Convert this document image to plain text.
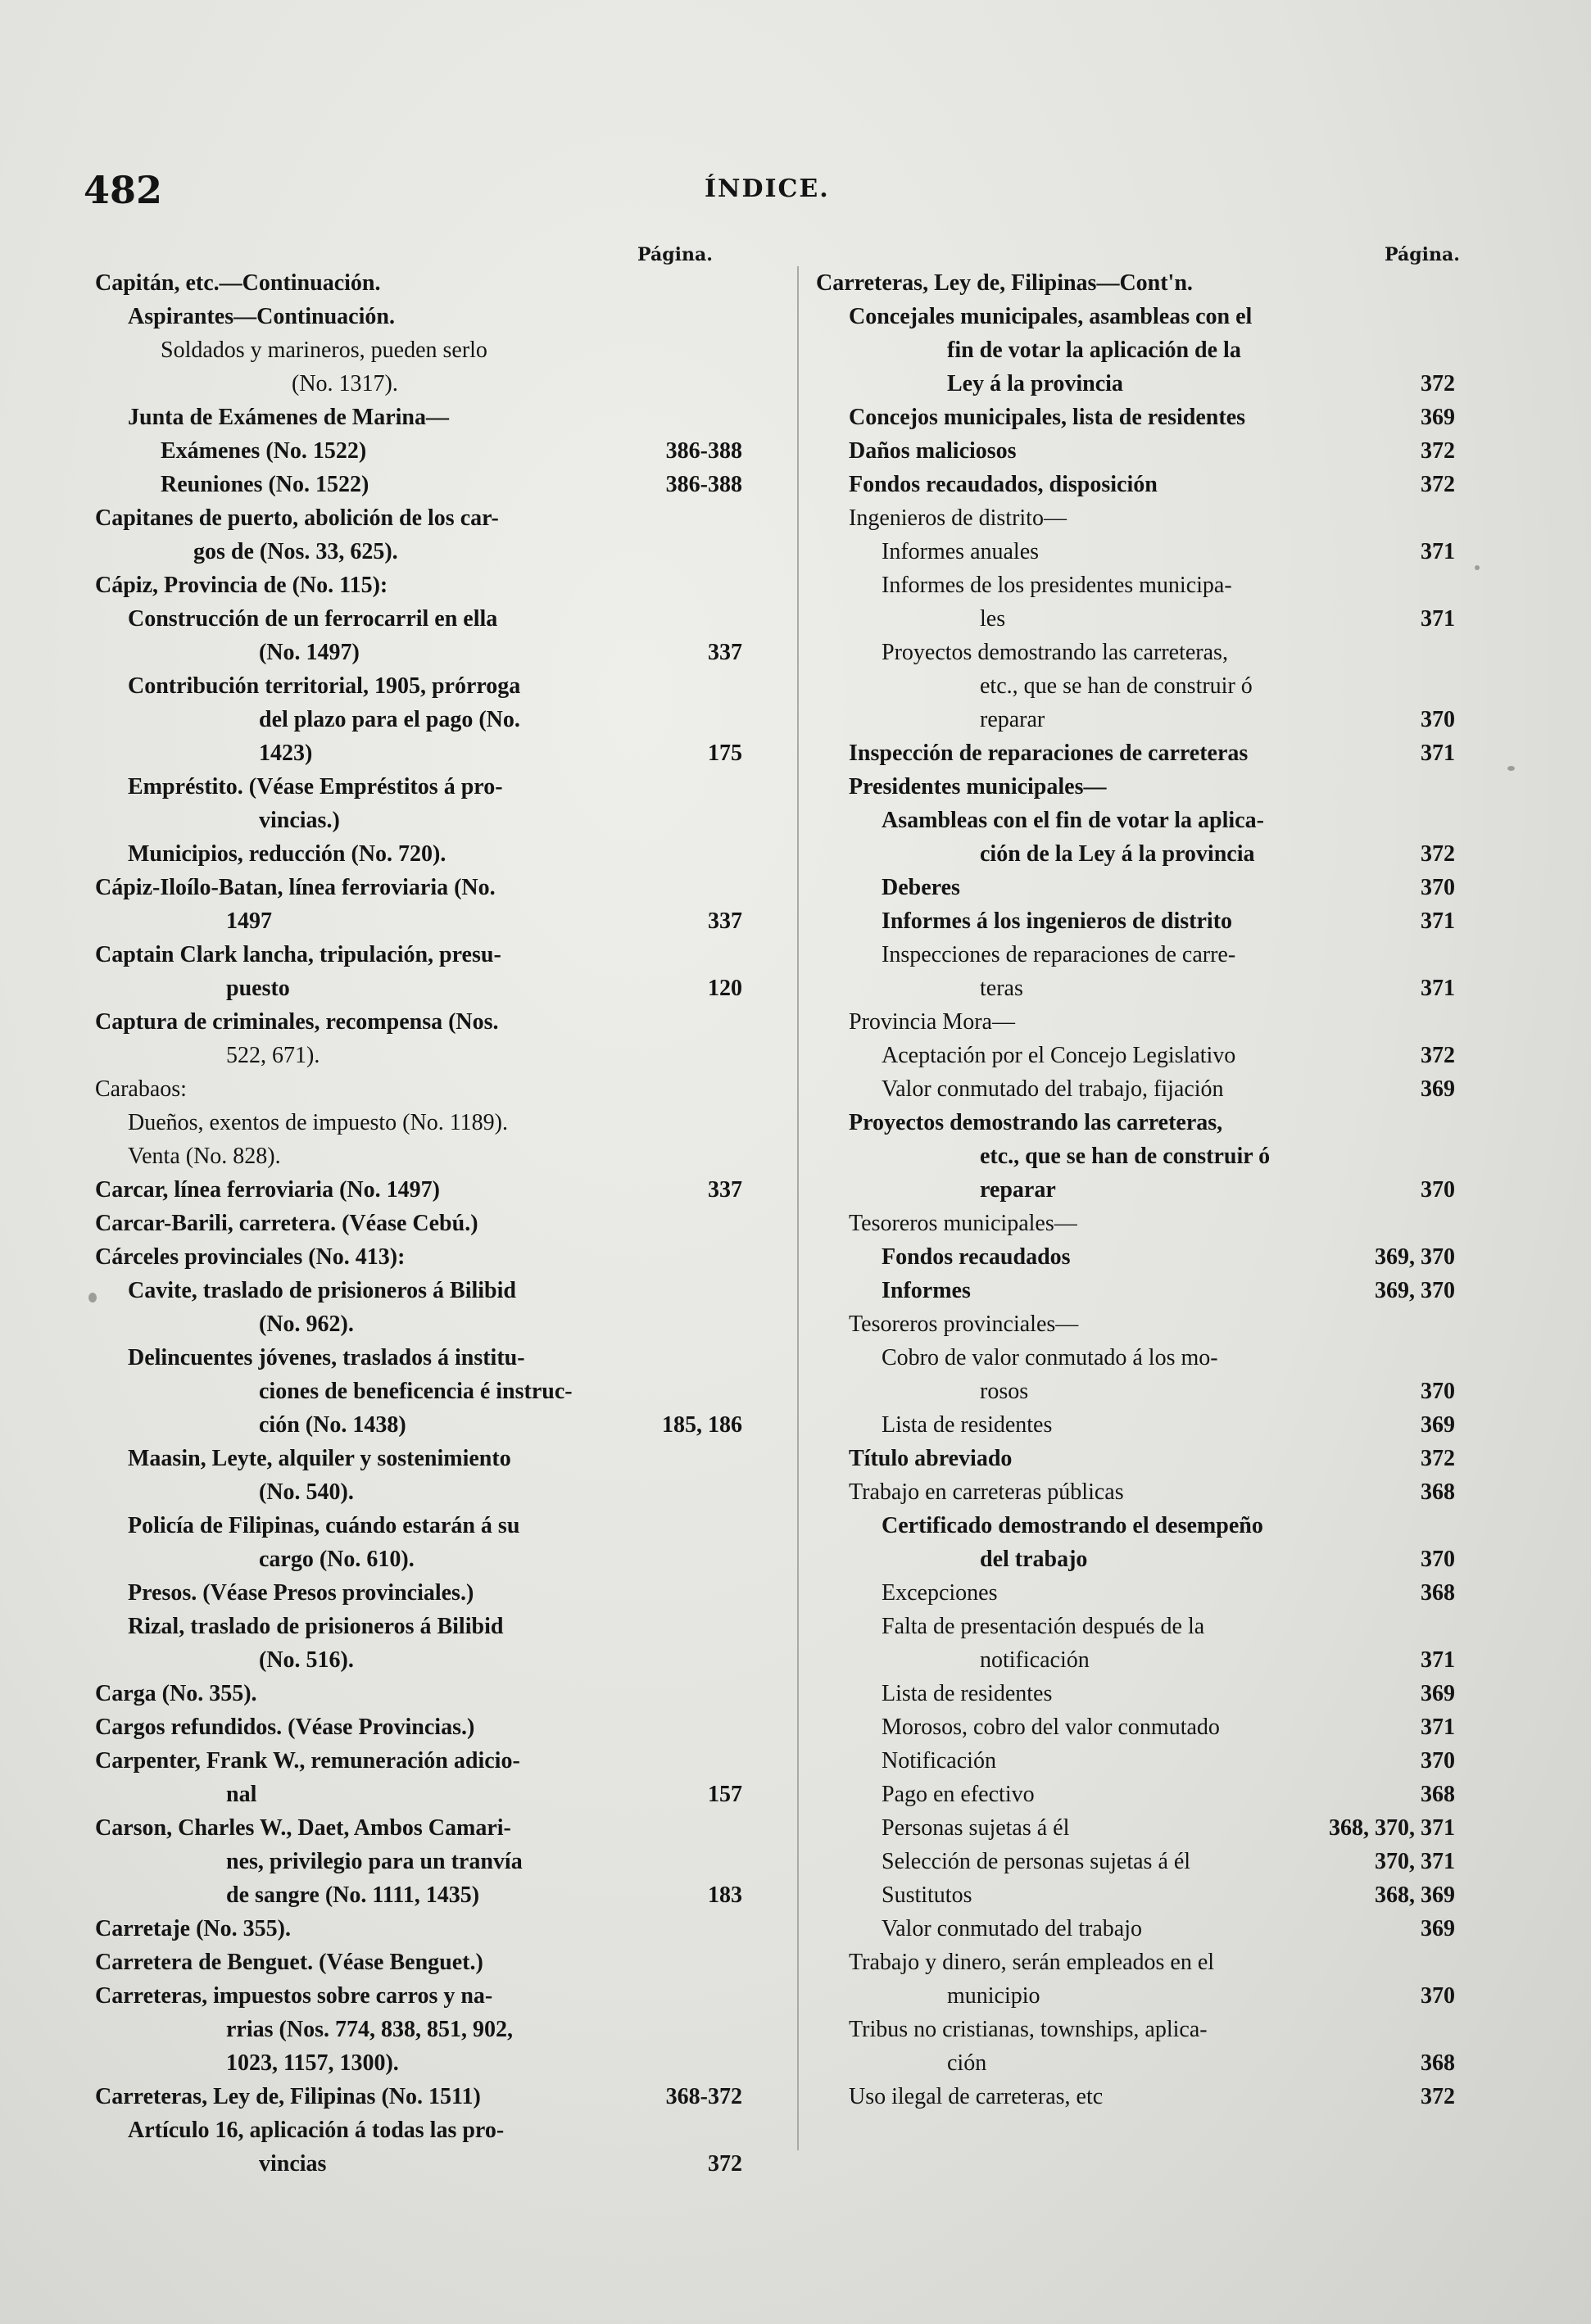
482	ÍNDICE.
Página.	Página.
Capitán, etc.—Continuación.
Aspirantes—Continuación.
Soldados y marineros, pueden serlo
(No. 1317).
Junta de Exámenes de Marina—
386-388
Exámenes (No. 1522)
386-388
Reuniones (No. 1522)
Capitanes de puerto, abolición de los car-
gos de (Nos. 33, 625).
Cápiz, Provincia de (No. 115):
Construcción de un ferrocarril en ella
337
(No. 1497)
Contribución territorial, 1905, prórroga
del plazo para el pago (No.
175
1423)
Empréstito. (Véase Empréstitos á pro-
vincias.)
Municipios, reducción (No. 720).
Cápiz-Iloílo-Batan, línea ferroviaria (No.
337
1497
Captain Clark lancha, tripulación, presu-
120
puesto
Captura de criminales, recompensa (Nos.
522, 671).
Carabaos:
Dueños, exentos de impuesto (No. 1189).
Venta (No. 828).
337
Carcar, línea ferroviaria (No. 1497)
Carcar-Barili, carretera. (Véase Cebú.)
Cárceles provinciales (No. 413):
Cavite, traslado de prisioneros á Bilibid
(No. 962).
Delincuentes jóvenes, traslados á institu-
ciones de beneficencia é instruc-
185, 186
ción (No. 1438)
Maasin, Leyte, alquiler y sostenimiento
(No. 540).
Policía de Filipinas, cuándo estarán á su
cargo (No. 610).
Presos. (Véase Presos provinciales.)
Rizal, traslado de prisioneros á Bilibid
(No. 516).
Carga (No. 355).
Cargos refundidos. (Véase Provincias.)
Carpenter, Frank W., remuneración adicio-
157
nal
Carson, Charles W., Daet, Ambos Camari-
nes, privilegio para un tranvía
183
de sangre (No. 1111, 1435)
Carretaje (No. 355).
Carretera de Benguet. (Véase Benguet.)
Carreteras, impuestos sobre carros y na-
rrias (Nos. 774, 838, 851, 902,
1023, 1157, 1300).
368-372
Carreteras, Ley de, Filipinas (No. 1511)
Artículo 16, aplicación á todas las pro-
372
vincias
Carreteras, Ley de, Filipinas—Cont'n.
Concejales municipales, asambleas con el
fin de votar la aplicación de la
372
Ley á la provincia
369
Concejos municipales, lista de residentes
372
Daños maliciosos
372
Fondos recaudados, disposición
Ingenieros de distrito—
371
Informes anuales
Informes de los presidentes municipa-
371
les
Proyectos demostrando las carreteras,
etc., que se han de construir ó
370
reparar
371
Inspección de reparaciones de carreteras
Presidentes municipales—
Asambleas con el fin de votar la aplica-
372
ción de la Ley á la provincia
370
Deberes
371
Informes á los ingenieros de distrito
Inspecciones de reparaciones de carre-
371
teras
Provincia Mora—
372
Aceptación por el Concejo Legislativo
369
Valor conmutado del trabajo, fijación
Proyectos demostrando las carreteras,
etc., que se han de construir ó
370
reparar
Tesoreros municipales—
369, 370
Fondos recaudados
369, 370
Informes
Tesoreros provinciales—
Cobro de valor conmutado á los mo-
370
rosos
369
Lista de residentes
372
Título abreviado
368
Trabajo en carreteras públicas
Certificado demostrando el desempeño
370
del trabajo
368
Excepciones
Falta de presentación después de la
371
notificación
369
Lista de residentes
371
Morosos, cobro del valor conmutado
370
Notificación
368
Pago en efectivo
368, 370, 371
Personas sujetas á él
370, 371
Selección de personas sujetas á él
368, 369
Sustitutos
369
Valor conmutado del trabajo
Trabajo y dinero, serán empleados en el
370
municipio
Tribus no cristianas, townships, aplica-
368
ción
372
Uso ilegal de carreteras, etc
